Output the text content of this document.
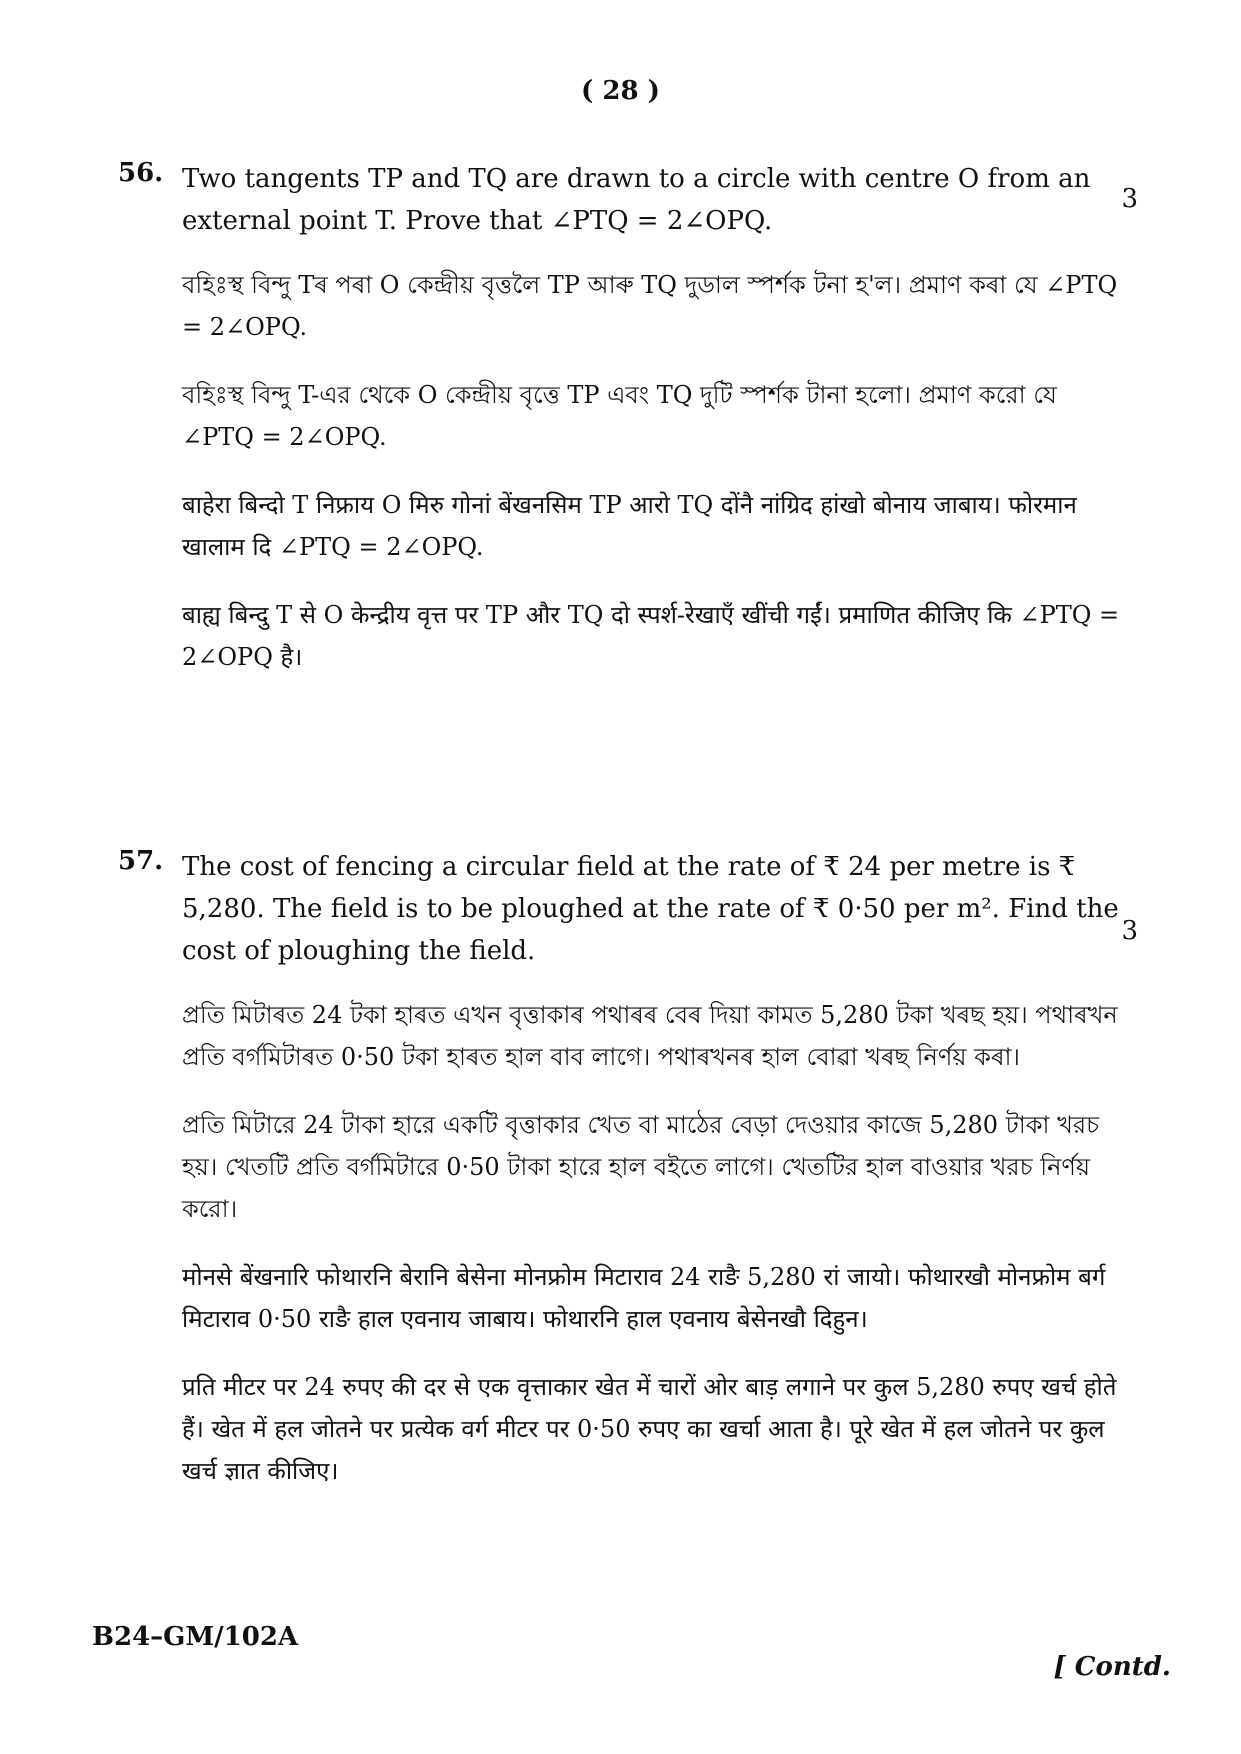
( 28 )
56.
3

Two tangents TP and TQ are drawn to a circle with centre O from an external point T. Prove that ∠PTQ = 2∠OPQ.

বহিঃস্থ বিন্দু Tৰ পৰা O কেন্দ্ৰীয় বৃত্তলৈ TP আৰু TQ দুডাল স্পৰ্শক টনা হ'ল। প্ৰমাণ কৰা যে ∠PTQ = 2∠OPQ.

বহিঃস্থ বিন্দু T-এর থেকে O কেন্দ্রীয় বৃত্তে TP এবং TQ দুটি স্পর্শক টানা হলো। প্রমাণ করো যে ∠PTQ = 2∠OPQ.

बाहेरा बिन्दो T निफ्राय O मिरु गोनां बेंखनसिम TP आरो TQ दोंनै नांग्रिद हांखो बोनाय जाबाय। फोरमान खालाम दि ∠PTQ = 2∠OPQ.

बाह्य बिन्दु T से O केन्द्रीय वृत्त पर TP और TQ दो स्पर्श-रेखाएँ खींची गईं। प्रमाणित कीजिए कि ∠PTQ = 2∠OPQ है।

57.
3

The cost of fencing a circular field at the rate of ₹ 24 per metre is ₹ 5,280. The field is to be ploughed at the rate of ₹ 0·50 per m². Find the cost of ploughing the field.

প্ৰতি মিটাৰত 24 টকা হাৰত এখন বৃত্তাকাৰ পথাৰৰ বেৰ দিয়া কামত 5,280 টকা খৰছ হয়। পথাৰখন প্ৰতি বৰ্গমিটাৰত 0·50 টকা হাৰত হাল বাব লাগে। পথাৰখনৰ হাল বোৱা খৰছ নিৰ্ণয় কৰা।

প্রতি মিটারে 24 টাকা হারে একটি বৃত্তাকার খেত বা মাঠের বেড়া দেওয়ার কাজে 5,280 টাকা খরচ হয়। খেতটি প্রতি বর্গমিটারে 0·50 টাকা হারে হাল বইতে লাগে। খেতটির হাল বাওয়ার খরচ নির্ণয় করো।

मोनसे बेंखनारि फोथारनि बेरानि बेसेना मोनफ्रोम मिटाराव 24 राङै 5,280 रां जायो। फोथारखौ मोनफ्रोम बर्ग मिटाराव 0·50 राङै हाल एवनाय जाबाय। फोथारनि हाल एवनाय बेसेनखौ दिहुन।

प्रति मीटर पर 24 रुपए की दर से एक वृत्ताकार खेत में चारों ओर बाड़ लगाने पर कुल 5,280 रुपए खर्च होते हैं। खेत में हल जोतने पर प्रत्येक वर्ग मीटर पर 0·50 रुपए का खर्चा आता है। पूरे खेत में हल जोतने पर कुल खर्च ज्ञात कीजिए।

B24–GM/102A
[ Contd.
